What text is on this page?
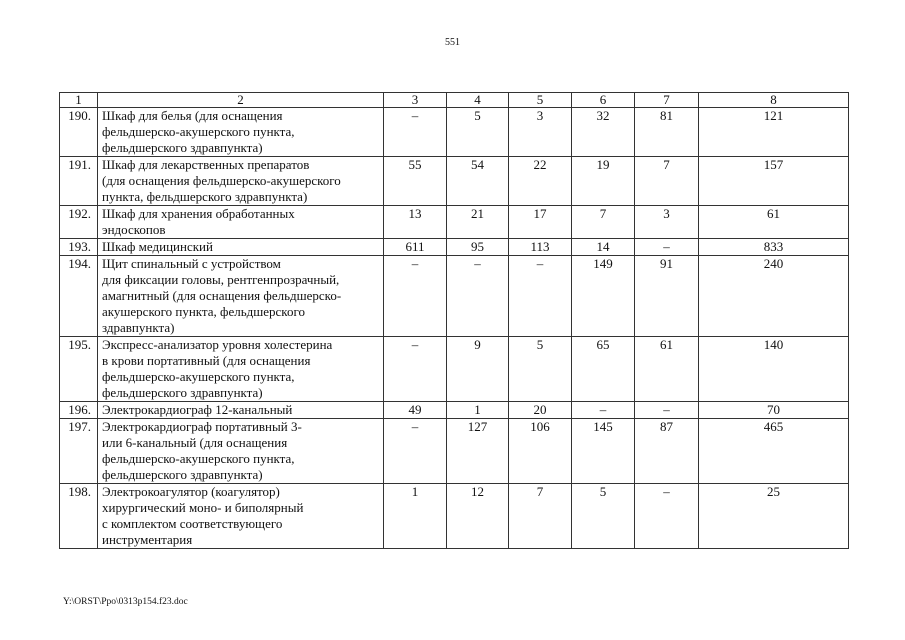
551
1	2	3	4	5	6	7	8
190.	Шкаф для белья (для оснащения
фельдшерско-акушерского пункта,
фельдшерского здравпункта)	–	5	3	32	81	121
191.	Шкаф для лекарственных препаратов
(для оснащения фельдшерско-акушерского
пункта, фельдшерского здравпункта)	55	54	22	19	7	157
192.	Шкаф для хранения обработанных
эндоскопов	13	21	17	7	3	61
193.	Шкаф медицинский	611	95	113	14	–	833
194.	Щит спинальный с устройством
для фиксации головы, рентгенпрозрачный,
амагнитный (для оснащения фельдшерско-
акушерского пункта, фельдшерского
здравпункта)	–	–	–	149	91	240
195.	Экспресс-анализатор уровня холестерина
в крови портативный (для оснащения
фельдшерско-акушерского пункта,
фельдшерского здравпункта)	–	9	5	65	61	140
196.	Электрокардиограф 12-канальный	49	1	20	–	–	70
197.	Электрокардиограф портативный 3-
или 6-канальный (для оснащения
фельдшерско-акушерского пункта,
фельдшерского здравпункта)	–	127	106	145	87	465
198.	Электрокоагулятор (коагулятор)
хирургический моно- и биполярный
с комплектом соответствующего
инструментария	1	12	7	5	–	25
Y:\ORST\Ppo\0313p154.f23.doc
